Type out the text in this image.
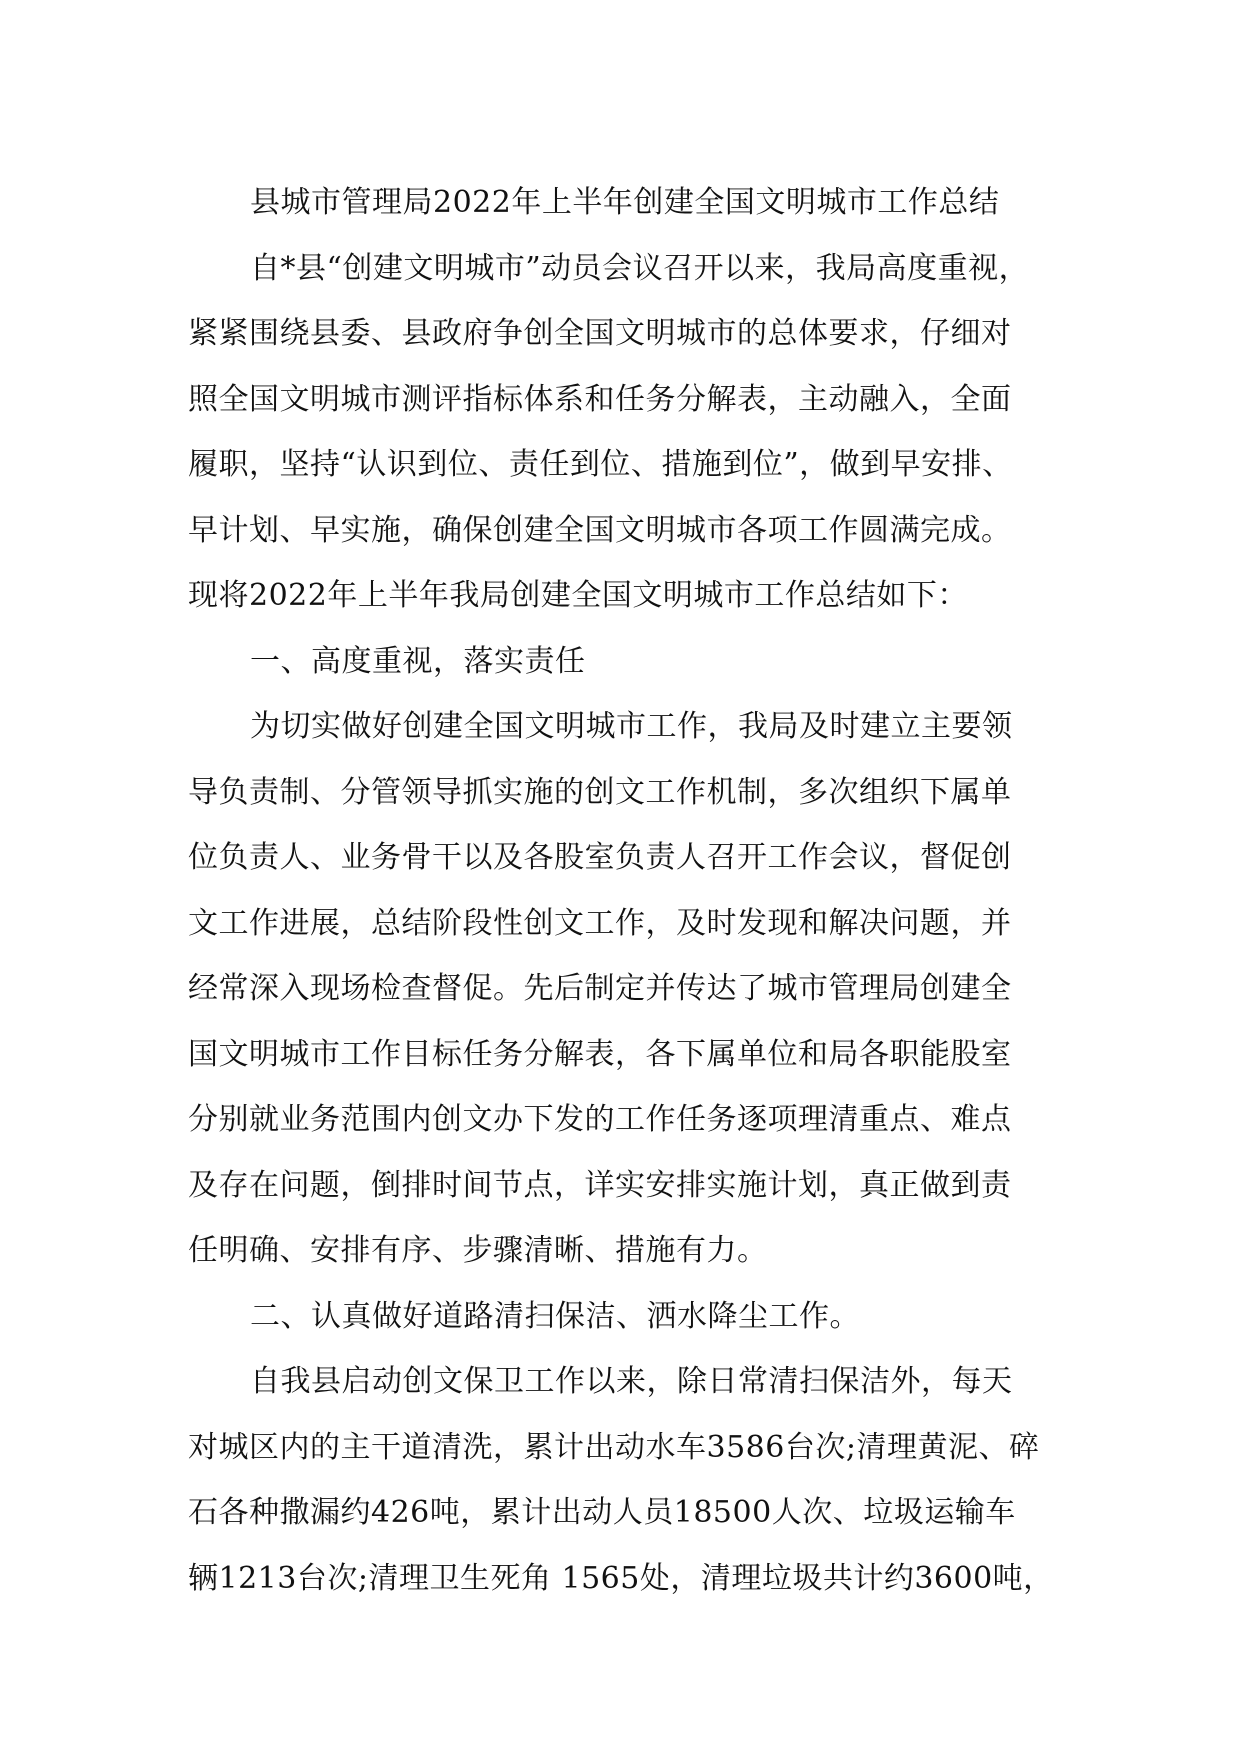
县城市管理局2022年上半年创建全国文明城市工作总结
自*县“创建文明城市”动员会议召开以来，我局高度重视，
紧紧围绕县委、县政府争创全国文明城市的总体要求，仔细对
照全国文明城市测评指标体系和任务分解表，主动融入，全面
履职，坚持“认识到位、责任到位、措施到位”，做到早安排、
早计划、早实施，确保创建全国文明城市各项工作圆满完成。
现将2022年上半年我局创建全国文明城市工作总结如下：
一、高度重视，落实责任
为切实做好创建全国文明城市工作，我局及时建立主要领
导负责制、分管领导抓实施的创文工作机制，多次组织下属单
位负责人、业务骨干以及各股室负责人召开工作会议，督促创
文工作进展，总结阶段性创文工作，及时发现和解决问题，并
经常深入现场检查督促。先后制定并传达了城市管理局创建全
国文明城市工作目标任务分解表，各下属单位和局各职能股室
分别就业务范围内创文办下发的工作任务逐项理清重点、难点
及存在问题，倒排时间节点，详实安排实施计划，真正做到责
任明确、安排有序、步骤清晰、措施有力。
二、认真做好道路清扫保洁、洒水降尘工作。
自我县启动创文保卫工作以来，除日常清扫保洁外，每天
对城区内的主干道清洗，累计出动水车3586台次;清理黄泥、碎
石各种撒漏约426吨，累计出动人员18500人次、垃圾运输车
辆1213台次;清理卫生死角 1565处，清理垃圾共计约3600吨，
